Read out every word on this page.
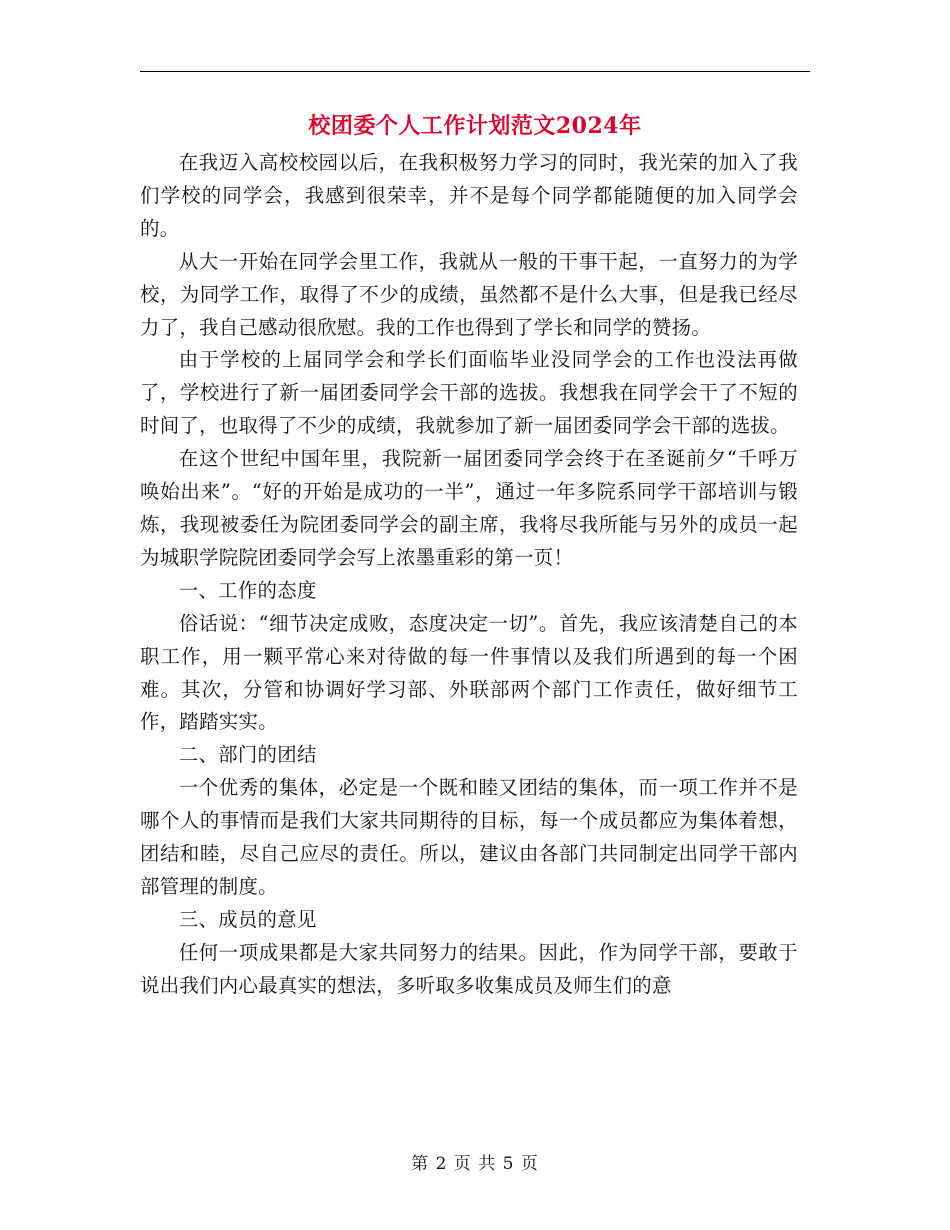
校团委个人工作计划范文2024年

在我迈入高校校园以后，在我积极努力学习的同时，我光荣的加入了我们学校的同学会，我感到很荣幸，并不是每个同学都能随便的加入同学会的。

从大一开始在同学会里工作，我就从一般的干事干起，一直努力的为学校，为同学工作，取得了不少的成绩，虽然都不是什么大事，但是我已经尽力了，我自己感动很欣慰。我的工作也得到了学长和同学的赞扬。

由于学校的上届同学会和学长们面临毕业没同学会的工作也没法再做了，学校进行了新一届团委同学会干部的选拔。我想我在同学会干了不短的时间了，也取得了不少的成绩，我就参加了新一届团委同学会干部的选拔。

在这个世纪中国年里，我院新一届团委同学会终于在圣诞前夕“千呼万唤始出来”。“好的开始是成功的一半”，通过一年多院系同学干部培训与锻炼，我现被委任为院团委同学会的副主席，我将尽我所能与另外的成员一起为城职学院院团委同学会写上浓墨重彩的第一页！

一、工作的态度

俗话说：“细节决定成败，态度决定一切”。首先，我应该清楚自己的本职工作，用一颗平常心来对待做的每一件事情以及我们所遇到的每一个困难。其次，分管和协调好学习部、外联部两个部门工作责任，做好细节工作，踏踏实实。

二、部门的团结

一个优秀的集体，必定是一个既和睦又团结的集体，而一项工作并不是哪个人的事情而是我们大家共同期待的目标，每一个成员都应为集体着想，团结和睦，尽自己应尽的责任。所以，建议由各部门共同制定出同学干部内部管理的制度。

三、成员的意见

任何一项成果都是大家共同努力的结果。因此，作为同学干部，要敢于说出我们内心最真实的想法，多听取多收集成员及师生们的意

第 2 页 共 5 页
